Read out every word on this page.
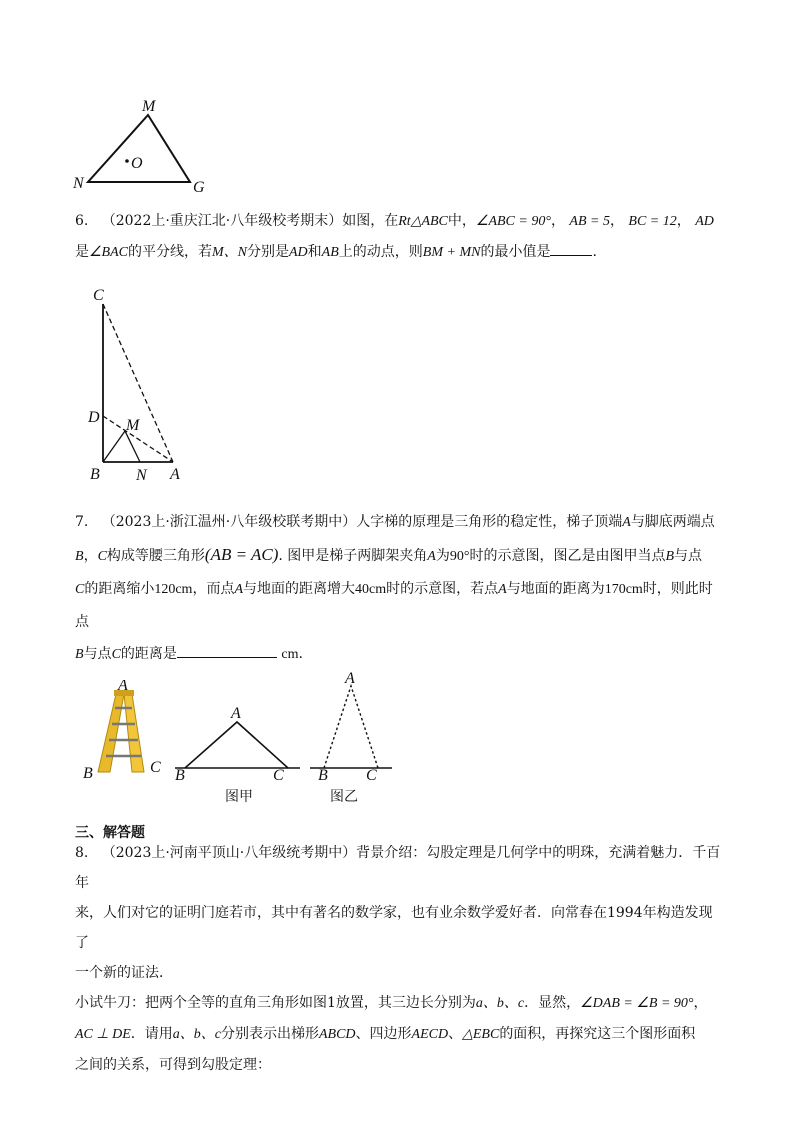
M
N	G
O
6. （2022上·重庆江北·八年级校考期末）如图，在Rt△ABC中，∠ABC = 90°， AB = 5， BC = 12， AD
是∠BAC的平分线，若M、N分别是AD和AB上的动点，则BM + MN的最小值是	.
C
D M
B N A
7. （2023上·浙江温州·八年级校联考期中）人字梯的原理是三角形的稳定性，梯子顶端A与脚底两端点
B，C构成等腰三角形(AB = AC). 图甲是梯子两脚架夹角A为90°时的示意图，图乙是由图甲当点B与点
C的距离缩小120cm，而点A与地面的距离增大40cm时的示意图，若点A与地面的距离为170cm时，则此时点
B与点C的距离是	cm.
A
B	C
A
B	C
图甲
A
B C
图乙
三、解答题
8. （2023上·河南平顶山·八年级统考期中）背景介绍：勾股定理是几何学中的明珠，充满着魅力．千百年
来，人们对它的证明门庭若市，其中有著名的数学家，也有业余数学爱好者．向常春在1994年构造发现了
一个新的证法．
小试牛刀：把两个全等的直角三角形如图1放置，其三边长分别为a、b、c．显然，∠DAB = ∠B = 90°，
AC ⊥ DE．请用a、b、c分别表示出梯形ABCD、四边形AECD、△EBC的面积，再探究这三个图形面积
之间的关系，可得到勾股定理：
